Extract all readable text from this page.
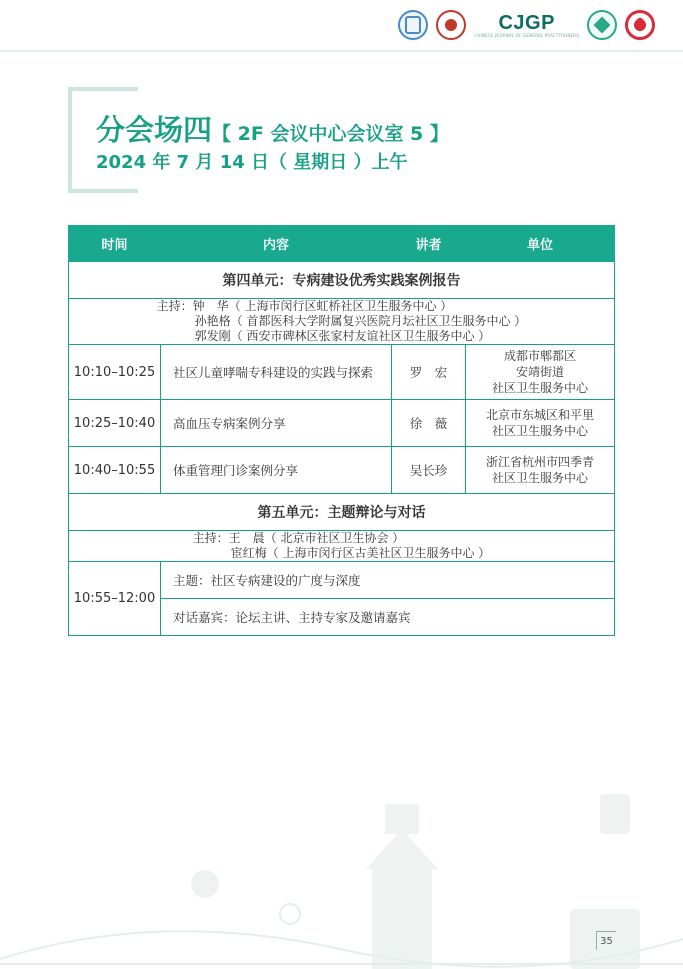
CJGP
CHINESE JOURNAL OF GENERAL PRACTITIONERS
分会场四【 2F 会议中心会议室 5 】
2024 年 7 月 14 日（ 星期日 ）上午
时间	内容	讲者	单位
第四单元：专病建设优秀实践案例报告			

主持：钟　华（ 上海市闵行区虹桥社区卫生服务中心 ）
孙艳格（ 首都医科大学附属复兴医院月坛社区卫生服务中心 ）
郭发刚（ 西安市碑林区张家村友谊社区卫生服务中心 ）			

10:10–10:25	社区儿童哮喘专科建设的实践与探索	罗　宏	成都市郫都区
安靖街道
社区卫生服务中心

10:25–10:40	高血压专病案例分享	徐　薇	北京市东城区和平里
社区卫生服务中心

10:40–10:55	体重管理门诊案例分享	吴长珍	浙江省杭州市四季青
社区卫生服务中心

第五单元：主题辩论与对话			

主持：王　晨（ 北京市社区卫生协会 ）
宦红梅（ 上海市闵行区古美社区卫生服务中心 ）			

10:55–12:00	主题：社区专病建设的广度与深度		
	对话嘉宾：论坛主讲、主持专家及邀请嘉宾		
35
